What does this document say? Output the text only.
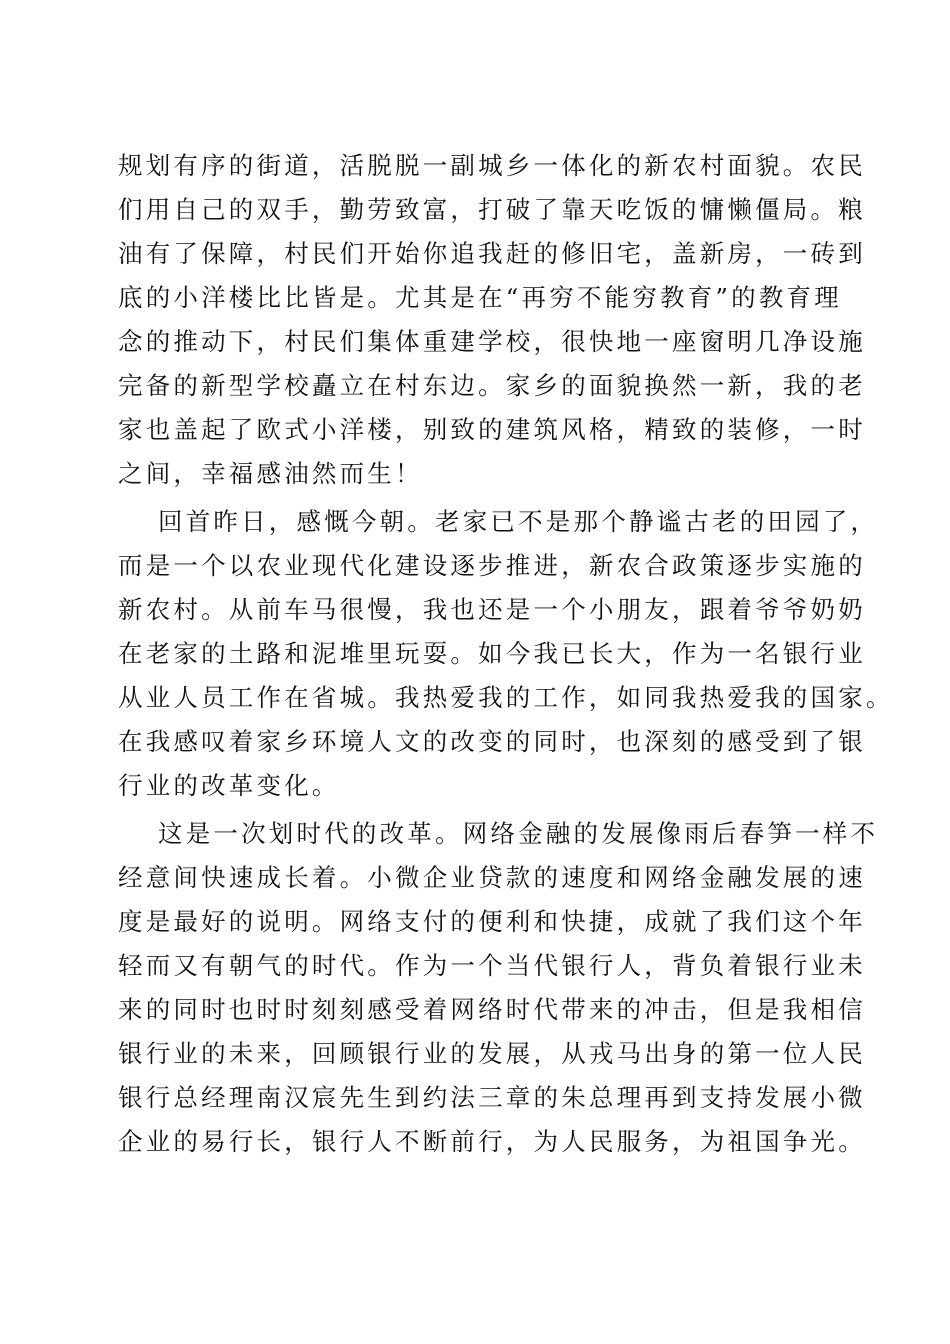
规划有序的街道，活脱脱一副城乡一体化的新农村面貌。农民
们用自己的双手，勤劳致富，打破了靠天吃饭的慵懒僵局。粮
油有了保障，村民们开始你追我赶的修旧宅，盖新房，一砖到
底的小洋楼比比皆是。尤其是在“再穷不能穷教育”的教育理
念的推动下，村民们集体重建学校，很快地一座窗明几净设施
完备的新型学校矗立在村东边。家乡的面貌换然一新，我的老
家也盖起了欧式小洋楼，别致的建筑风格，精致的装修，一时
之间，幸福感油然而生！
回首昨日，感慨今朝。老家已不是那个静谧古老的田园了，
而是一个以农业现代化建设逐步推进，新农合政策逐步实施的
新农村。从前车马很慢，我也还是一个小朋友，跟着爷爷奶奶
在老家的土路和泥堆里玩耍。如今我已长大，作为一名银行业
从业人员工作在省城。我热爱我的工作，如同我热爱我的国家。
在我感叹着家乡环境人文的改变的同时，也深刻的感受到了银
行业的改革变化。
这是一次划时代的改革。网络金融的发展像雨后春笋一样不
经意间快速成长着。小微企业贷款的速度和网络金融发展的速
度是最好的说明。网络支付的便利和快捷，成就了我们这个年
轻而又有朝气的时代。作为一个当代银行人，背负着银行业未
来的同时也时时刻刻感受着网络时代带来的冲击，但是我相信
银行业的未来，回顾银行业的发展，从戎马出身的第一位人民
银行总经理南汉宸先生到约法三章的朱总理再到支持发展小微
企业的易行长，银行人不断前行，为人民服务，为祖国争光。
